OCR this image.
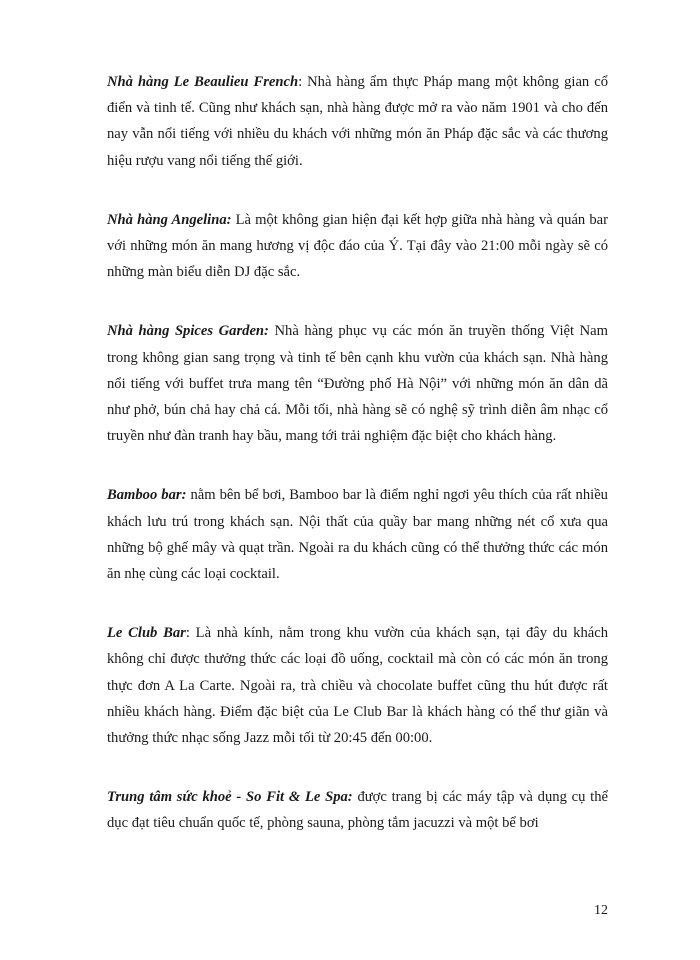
Nhà hàng Le Beaulieu French: Nhà hàng ẩm thực Pháp mang một không gian cổ điển và tinh tế. Cũng như khách sạn, nhà hàng được mở ra vào năm 1901 và cho đến nay vẫn nổi tiếng với nhiều du khách với những món ăn Pháp đặc sắc và các thương hiệu rượu vang nổi tiếng thế giới.

Nhà hàng Angelina: Là một không gian hiện đại kết hợp giữa nhà hàng và quán bar với những món ăn mang hương vị độc đáo của Ý. Tại đây vào 21:00 mỗi ngày sẽ có những màn biểu diễn DJ đặc sắc.

Nhà hàng Spices Garden: Nhà hàng phục vụ các món ăn truyền thống Việt Nam trong không gian sang trọng và tinh tế bên cạnh khu vườn của khách sạn. Nhà hàng nổi tiếng với buffet trưa mang tên “Đường phố Hà Nội” với những món ăn dân dã như phở, bún chả hay chả cá. Mỗi tối, nhà hàng sẽ có nghệ sỹ trình diễn âm nhạc cổ truyền như đàn tranh hay bầu, mang tới trải nghiệm đặc biệt cho khách hàng.

Bamboo bar: nằm bên bể bơi, Bamboo bar là điểm nghỉ ngơi yêu thích của rất nhiều khách lưu trú trong khách sạn. Nội thất của quầy bar mang những nét cổ xưa qua những bộ ghế mây và quạt trần. Ngoài ra du khách cũng có thể thưởng thức các món ăn nhẹ cùng các loại cocktail.

Le Club Bar: Là nhà kính, nằm trong khu vườn của khách sạn, tại đây du khách không chỉ được thưởng thức các loại đồ uống, cocktail mà còn có các món ăn trong thực đơn A La Carte. Ngoài ra, trà chiều và chocolate buffet cũng thu hút được rất nhiều khách hàng. Điểm đặc biệt của Le Club Bar là khách hàng có thể thư giãn và thưởng thức nhạc sống Jazz mỗi tối từ 20:45 đến 00:00.

Trung tâm sức khoẻ - So Fit & Le Spa: được trang bị các máy tập và dụng cụ thể dục đạt tiêu chuẩn quốc tế, phòng sauna, phòng tắm jacuzzi và một bể bơi

12
